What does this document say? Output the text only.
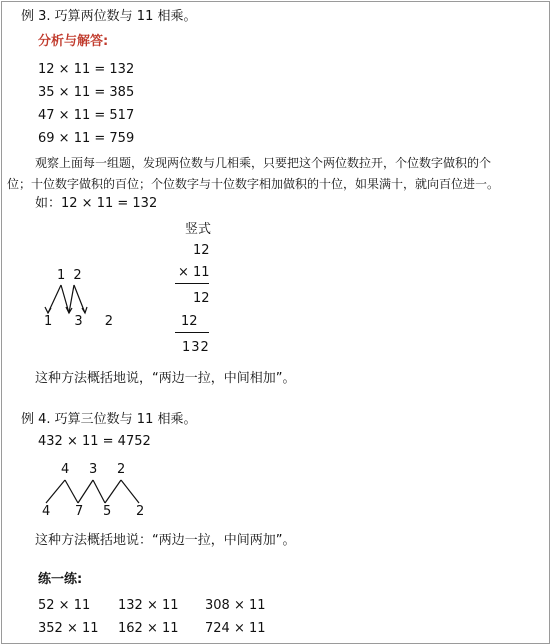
例 3. 巧算两位数与 11 相乘。
分析与解答:
12 × 11 = 132
35 × 11 = 385
47 × 11 = 517
69 × 11 = 759
观察上面每一组题，发现两位数与几相乘，只要把这个两位数拉开，个位数字做积的个
位；十位数字做积的百位；个位数字与十位数字相加做积的十位，如果满十，就向百位进一。
如：12 × 11 = 132
1 2
1 3 2
竖式
12
× 11
12
12
132
这种方法概括地说，“两边一拉，中间相加”。
例 4. 巧算三位数与 11 相乘。
432 × 11 = 4752
4 3 2
4 7 5 2
这种方法概括地说：“两边一拉，中间两加”。
练一练:
52 × 11 132 × 11 308 × 11
352 × 11 162 × 11 724 × 11
